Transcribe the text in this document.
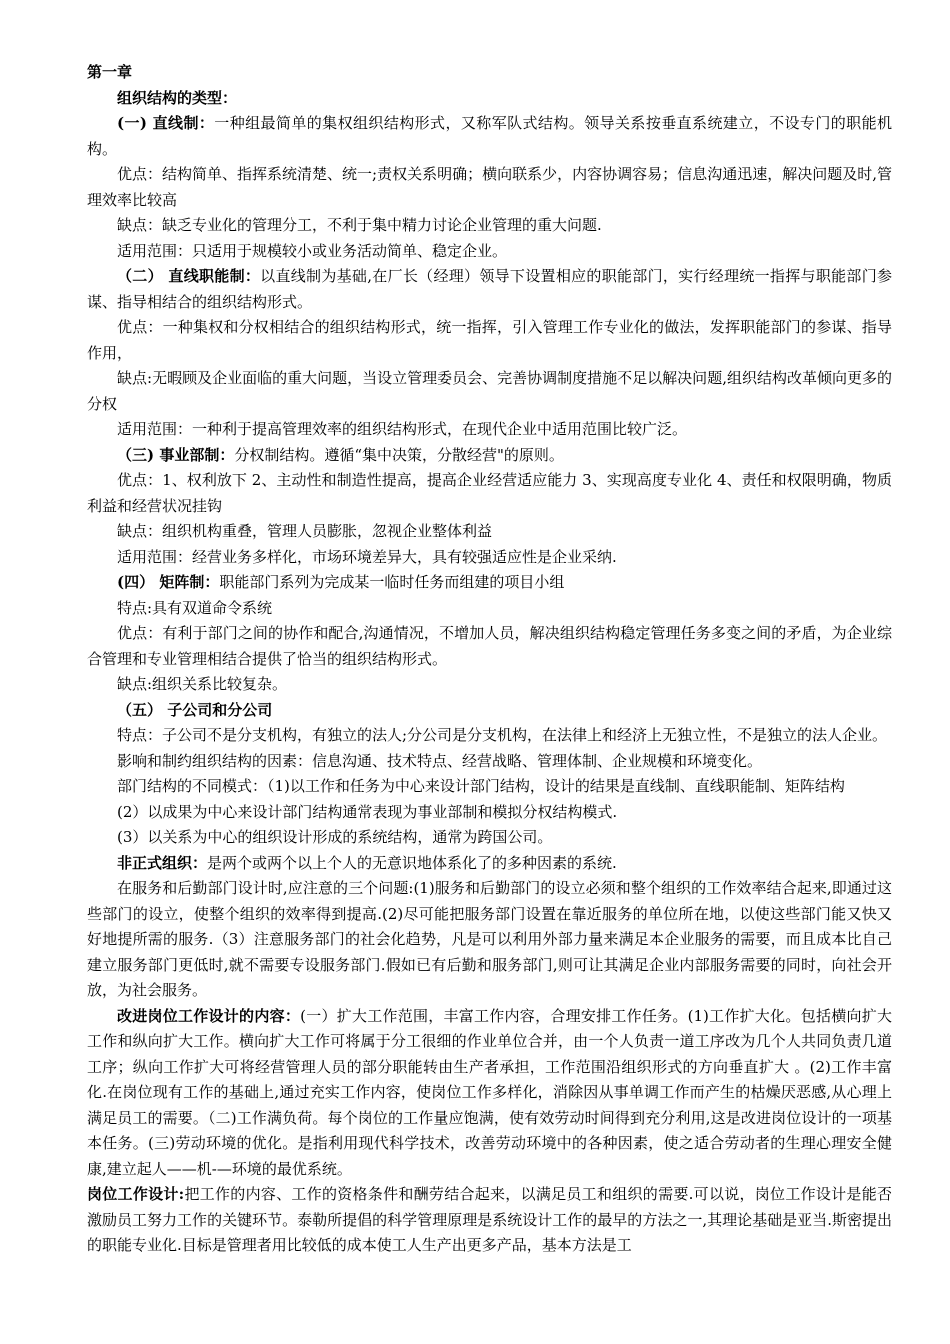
第一章

组织结构的类型：

(一) 直线制：一种组最简单的集权组织结构形式，又称军队式结构。领导关系按垂直系统建立，不设专门的职能机构。

优点：结构简单、指挥系统清楚、统一;责权关系明确；横向联系少，内容协调容易；信息沟通迅速，解决问题及时,管理效率比较高

缺点：缺乏专业化的管理分工，不利于集中精力讨论企业管理的重大问题.

适用范围：只适用于规模较小或业务活动简单、稳定企业。

（二） 直线职能制：以直线制为基础,在厂长（经理）领导下设置相应的职能部门，实行经理统一指挥与职能部门参谋、指导相结合的组织结构形式。

优点：一种集权和分权相结合的组织结构形式，统一指挥，引入管理工作专业化的做法，发挥职能部门的参谋、指导作用，

缺点:无暇顾及企业面临的重大问题，当设立管理委员会、完善协调制度措施不足以解决问题,组织结构改革倾向更多的分权

适用范围：一种利于提高管理效率的组织结构形式，在现代企业中适用范围比较广泛。

（三) 事业部制：分权制结构。遵循“集中决策，分散经营"的原则。

优点：1、权利放下 2、主动性和制造性提高，提高企业经营适应能力 3、实现高度专业化 4、责任和权限明确，物质利益和经营状况挂钩

缺点：组织机构重叠，管理人员膨胀，忽视企业整体利益

适用范围：经营业务多样化，市场环境差异大，具有较强适应性是企业采纳.

(四） 矩阵制：职能部门系列为完成某一临时任务而组建的项目小组

特点:具有双道命令系统

优点：有利于部门之间的协作和配合,沟通情况，不增加人员，解决组织结构稳定管理任务多变之间的矛盾，为企业综合管理和专业管理相结合提供了恰当的组织结构形式。

缺点:组织关系比较复杂。

（五） 子公司和分公司

特点：子公司不是分支机构，有独立的法人;分公司是分支机构，在法律上和经济上无独立性，不是独立的法人企业。

影响和制约组织结构的因素：信息沟通、技术特点、经营战略、管理体制、企业规模和环境变化。

部门结构的不同模式：（1)以工作和任务为中心来设计部门结构，设计的结果是直线制、直线职能制、矩阵结构

(2）以成果为中心来设计部门结构通常表现为事业部制和模拟分权结构模式.

(3）以关系为中心的组织设计形成的系统结构，通常为跨国公司。

非正式组织：是两个或两个以上个人的无意识地体系化了的多种因素的系统.

在服务和后勤部门设计时,应注意的三个问题:(1)服务和后勤部门的设立必须和整个组织的工作效率结合起来,即通过这些部门的设立，使整个组织的效率得到提高.(2)尽可能把服务部门设置在靠近服务的单位所在地，以使这些部门能又快又好地提所需的服务.（3）注意服务部门的社会化趋势，凡是可以利用外部力量来满足本企业服务的需要，而且成本比自己建立服务部门更低时,就不需要专设服务部门.假如已有后勤和服务部门,则可让其满足企业内部服务需要的同时，向社会开放，为社会服务。

改进岗位工作设计的内容：(一）扩大工作范围，丰富工作内容，合理安排工作任务。(1)工作扩大化。包括横向扩大工作和纵向扩大工作。横向扩大工作可将属于分工很细的作业单位合并，由一个人负责一道工序改为几个人共同负责几道工序；纵向工作扩大可将经营管理人员的部分职能转由生产者承担，工作范围沿组织形式的方向垂直扩大 。(2)工作丰富化.在岗位现有工作的基础上,通过充实工作内容，使岗位工作多样化，消除因从事单调工作而产生的枯燥厌恶感,从心理上满足员工的需要。（二)工作满负荷。每个岗位的工作量应饱满，使有效劳动时间得到充分利用,这是改进岗位设计的一项基本任务。(三)劳动环境的优化。是指利用现代科学技术，改善劳动环境中的各种因素，使之适合劳动者的生理心理安全健康,建立起人——机-—环境的最优系统。

岗位工作设计:把工作的内容、工作的资格条件和酬劳结合起来，以满足员工和组织的需要.可以说，岗位工作设计是能否激励员工努力工作的关键环节。泰勒所提倡的科学管理原理是系统设计工作的最早的方法之一,其理论基础是亚当.斯密提出的职能专业化.目标是管理者用比较低的成本使工人生产出更多产品，基本方法是工
